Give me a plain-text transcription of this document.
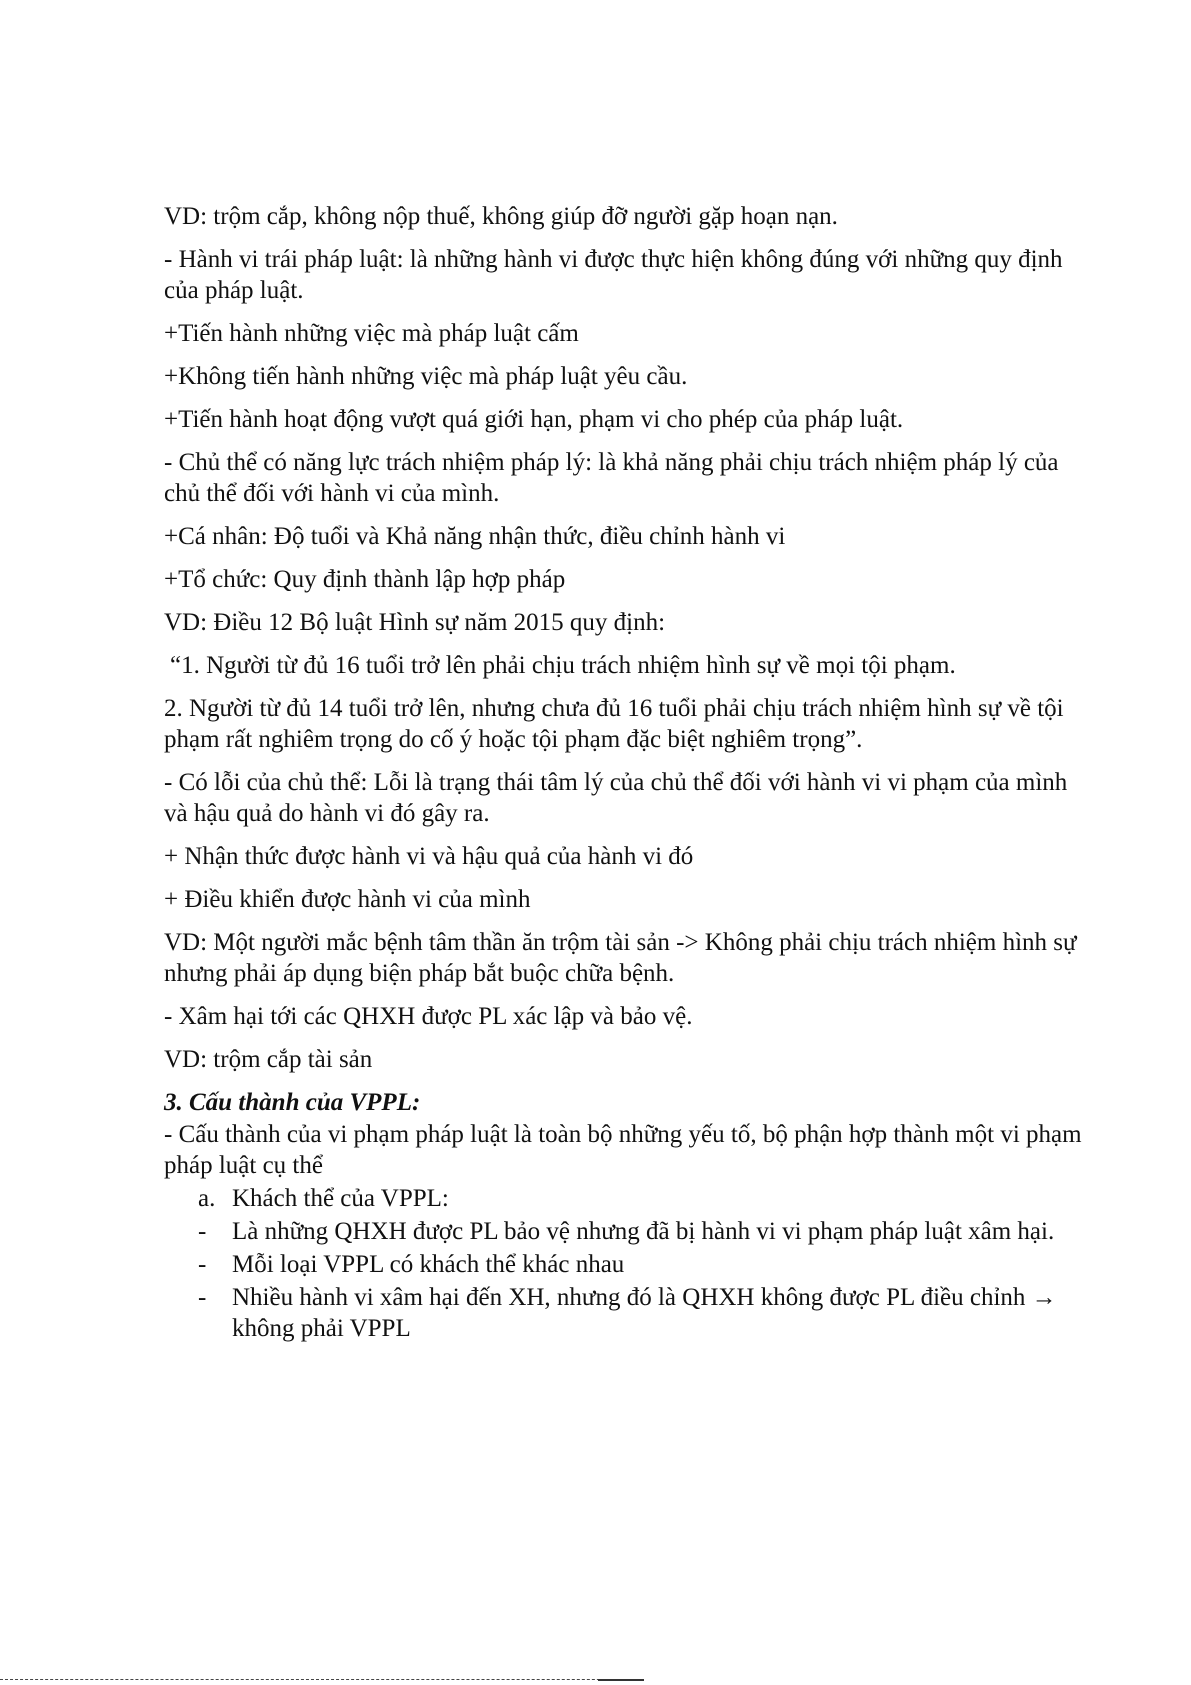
VD: trộm cắp, không nộp thuế, không giúp đỡ người gặp hoạn nạn.

- Hành vi trái pháp luật: là những hành vi được thực hiện không đúng với những quy định của pháp luật.

+Tiến hành những việc mà pháp luật cấm

+Không tiến hành những việc mà pháp luật yêu cầu.

+Tiến hành hoạt động vượt quá giới hạn, phạm vi cho phép của pháp luật.

- Chủ thể có năng lực trách nhiệm pháp lý: là khả năng phải chịu trách nhiệm pháp lý của chủ thể đối với hành vi của mình.

+Cá nhân: Độ tuổi và Khả năng nhận thức, điều chỉnh hành vi

+Tổ chức: Quy định thành lập hợp pháp

VD: Điều 12 Bộ luật Hình sự năm 2015 quy định:

“1. Người từ đủ 16 tuổi trở lên phải chịu trách nhiệm hình sự về mọi tội phạm.

2. Người từ đủ 14 tuổi trở lên, nhưng chưa đủ 16 tuổi phải chịu trách nhiệm hình sự về tội phạm rất nghiêm trọng do cố ý hoặc tội phạm đặc biệt nghiêm trọng”.

- Có lỗi của chủ thể: Lỗi là trạng thái tâm lý của chủ thể đối với hành vi vi phạm của mình và hậu quả do hành vi đó gây ra.

+ Nhận thức được hành vi và hậu quả của hành vi đó

+ Điều khiển được hành vi của mình

VD: Một người mắc bệnh tâm thần ăn trộm tài sản -> Không phải chịu trách nhiệm hình sự nhưng phải áp dụng biện pháp bắt buộc chữa bệnh.

- Xâm hại tới các QHXH được PL xác lập và bảo vệ.

VD: trộm cắp tài sản

3. Cấu thành của VPPL:

- Cấu thành của vi phạm pháp luật là toàn bộ những yếu tố, bộ phận hợp thành một vi phạm pháp luật cụ thể

a. Khách thể của VPPL:
-	Là những QHXH được PL bảo vệ nhưng đã bị hành vi vi phạm pháp luật xâm hại.
-	Mỗi loại VPPL có khách thể khác nhau
-	Nhiều hành vi xâm hại đến XH, nhưng đó là QHXH không được PL điều chỉnh → không phải VPPL
